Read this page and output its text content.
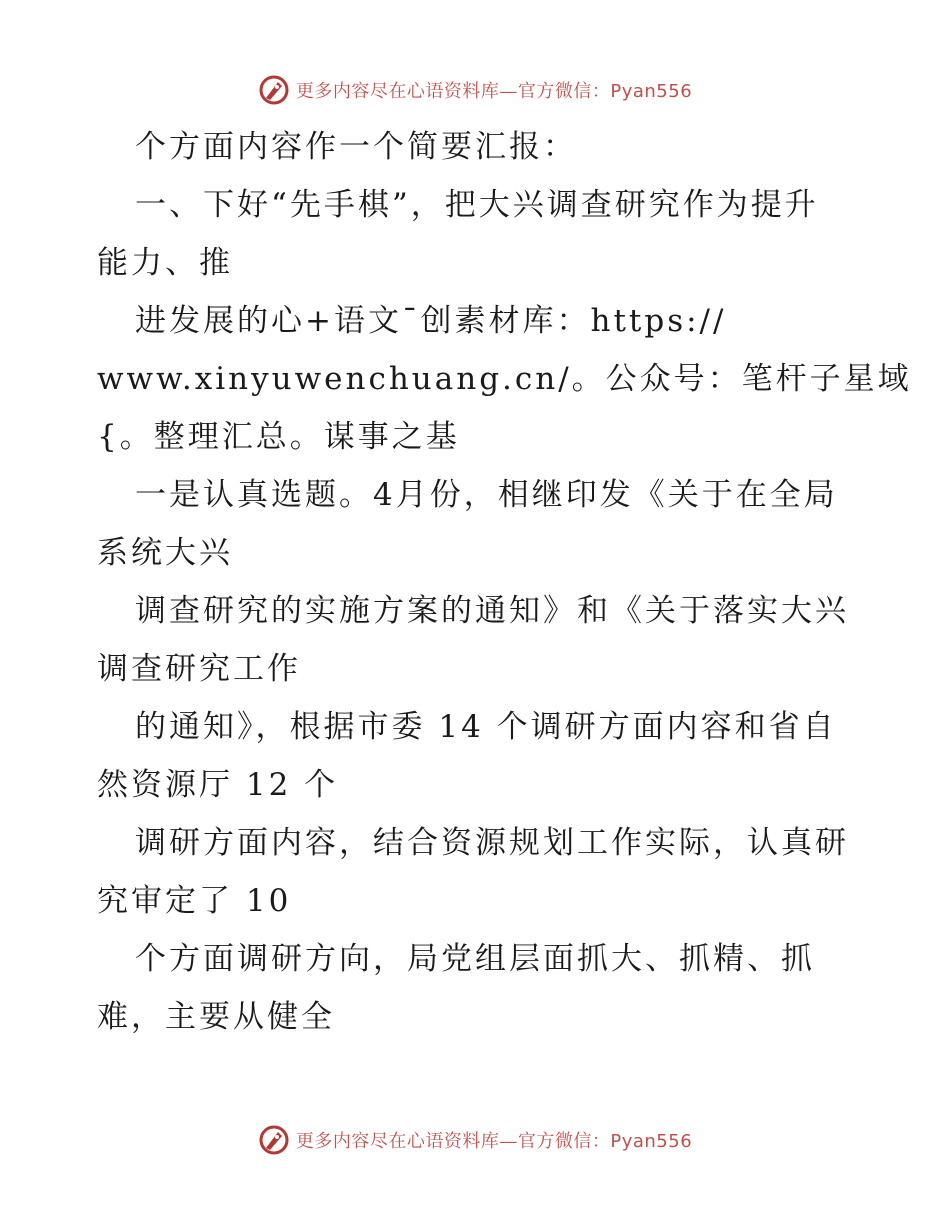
更多内容尽在心语资料库—官方微信：Pyan556
个方面内容作一个简要汇报：
一、下好“先手棋”，把大兴调查研究作为提升
能力、推
进发展的心+语文¯创素材库：https://
www.xinyuwenchuang.cn/。公众号：笔杆子星域
{。整理汇总。谋事之基
一是认真选题。4月份，相继印发《关于在全局
系统大兴
调查研究的实施方案的通知》和《关于落实大兴
调查研究工作
的通知》，根据市委 14 个调研方面内容和省自
然资源厅 12 个
调研方面内容，结合资源规划工作实际，认真研
究审定了 10
个方面调研方向，局党组层面抓大、抓精、抓
难，主要从健全
更多内容尽在心语资料库—官方微信：Pyan556
